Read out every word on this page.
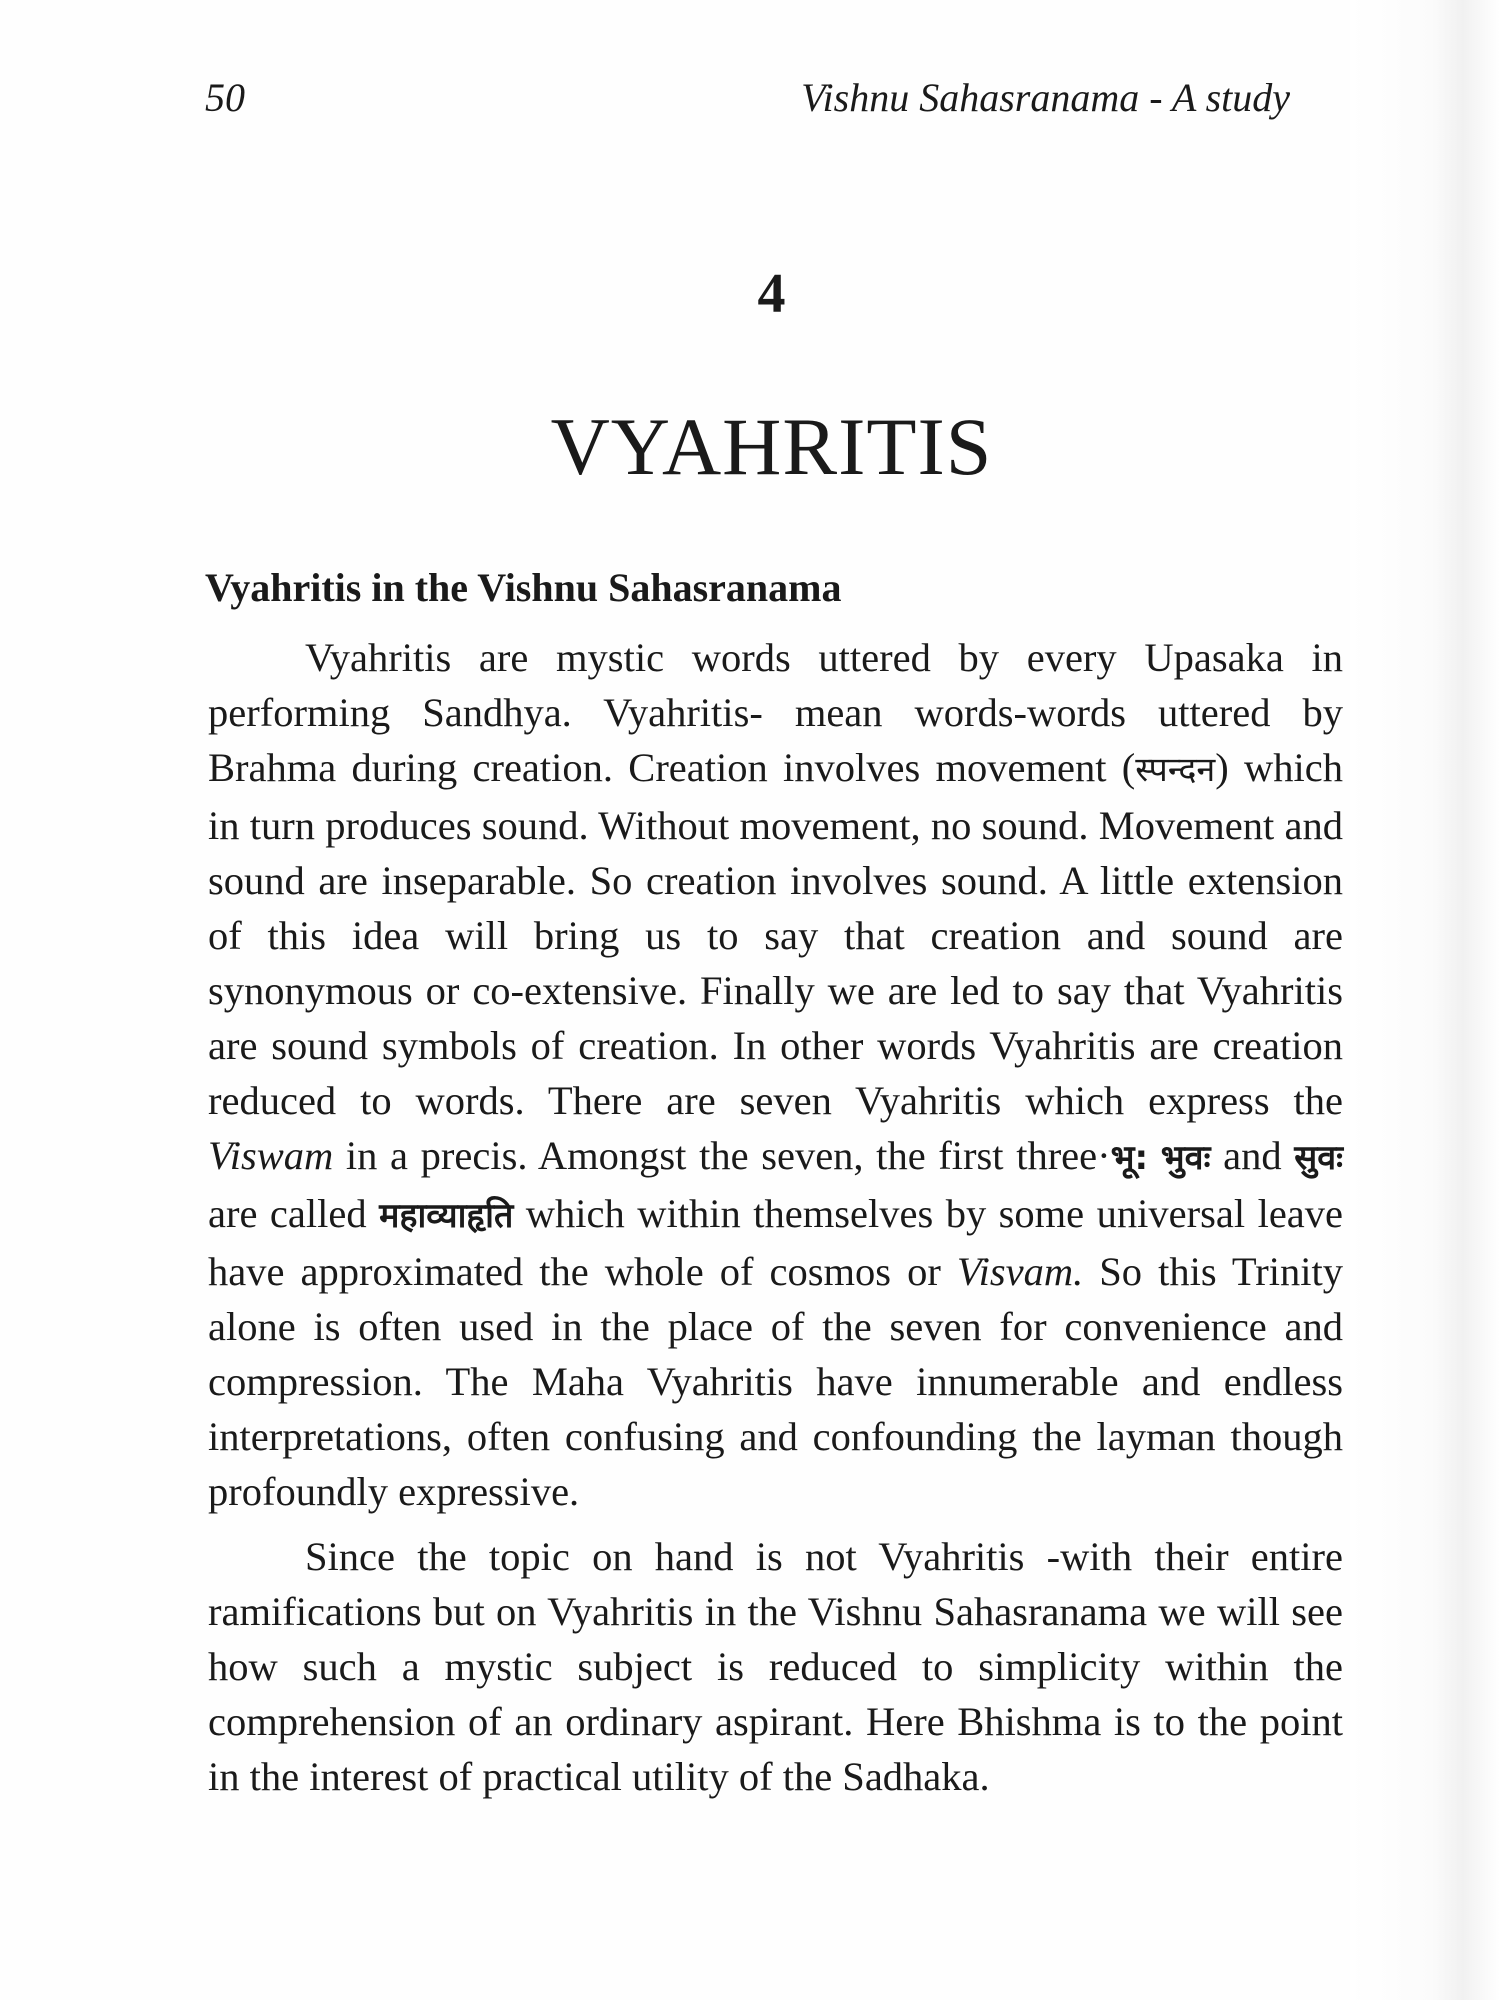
50	Vishnu Sahasranama - A study
4
VYAHRITIS
Vyahritis in the Vishnu Sahasranama

Vyahritis are mystic words uttered by every Upasaka in performing Sandhya. Vyahritis- mean words-words uttered by Brahma during creation. Creation involves movement (स्पन्दन) which in turn produces sound. Without movement, no sound. Movement and sound are inseparable. So creation involves sound. A little extension of this idea will bring us to say that creation and sound are synonymous or co-extensive. Finally we are led to say that Vyahritis are sound symbols of creation. In other words Vyahritis are creation reduced to words. There are seven Vyahritis which express the Viswam in a precis. Amongst the seven, the first three·भू: भुवः and सुवः are called महाव्याहृति which within themselves by some universal leave have approximated the whole of cosmos or Visvam. So this Trinity alone is often used in the place of the seven for convenience and compression. The Maha Vyahritis have innumerable and endless interpretations, often confusing and confounding the layman though profoundly expressive.

Since the topic on hand is not Vyahritis -with their entire ramifications but on Vyahritis in the Vishnu Sahasranama we will see how such a mystic subject is reduced to simplicity within the comprehension of an ordinary aspirant. Here Bhishma is to the point in the interest of practical utility of the Sadhaka.
